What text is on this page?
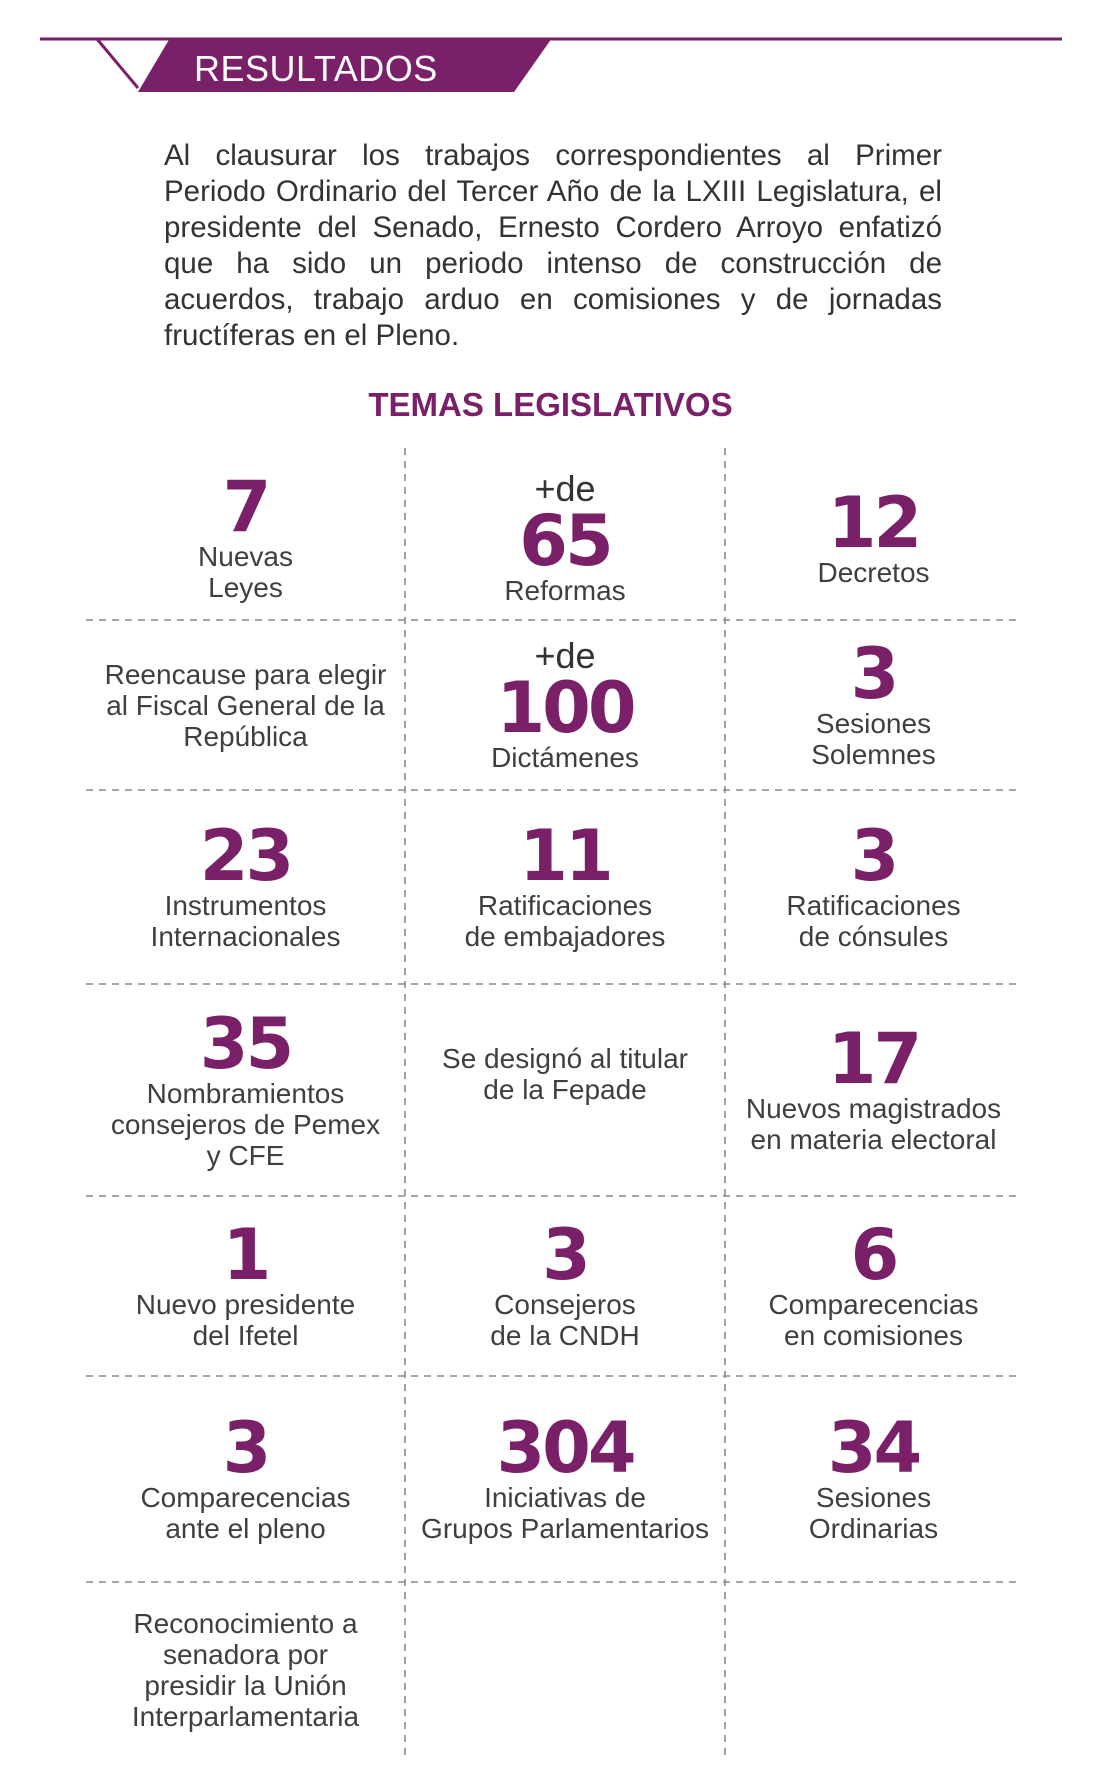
RESULTADOS

Al clausurar los trabajos correspondientes al Primer Periodo Ordinario del Tercer Año de la LXIII Legislatura, el presidente del Senado, Ernesto Cordero Arroyo enfatizó que ha sido un periodo intenso de construcción de acuerdos, trabajo arduo en comisiones y de jornadas fructíferas en el Pleno.

TEMAS LEGISLATIVOS
7
Nuevas
Leyes
+de
65
Reformas
12
Decretos
Reencause para elegir
al Fiscal General de la
República
+de
100
Dictámenes
3
Sesiones
Solemnes
23
Instrumentos
Internacionales
11
Ratificaciones
de embajadores
3
Ratificaciones
de cónsules
35
Nombramientos
consejeros de Pemex
y CFE
Se designó al titular
de la Fepade	17
Nuevos magistrados
en materia electoral
1
Nuevo presidente
del Ifetel
3
Consejeros
de la CNDH
6
Comparecencias
en comisiones
3
Comparecencias
ante el pleno
304
Iniciativas de
Grupos Parlamentarios
34
Sesiones
Ordinarias
Reconocimiento a
senadora por
presidir la Unión
Interparlamentaria
